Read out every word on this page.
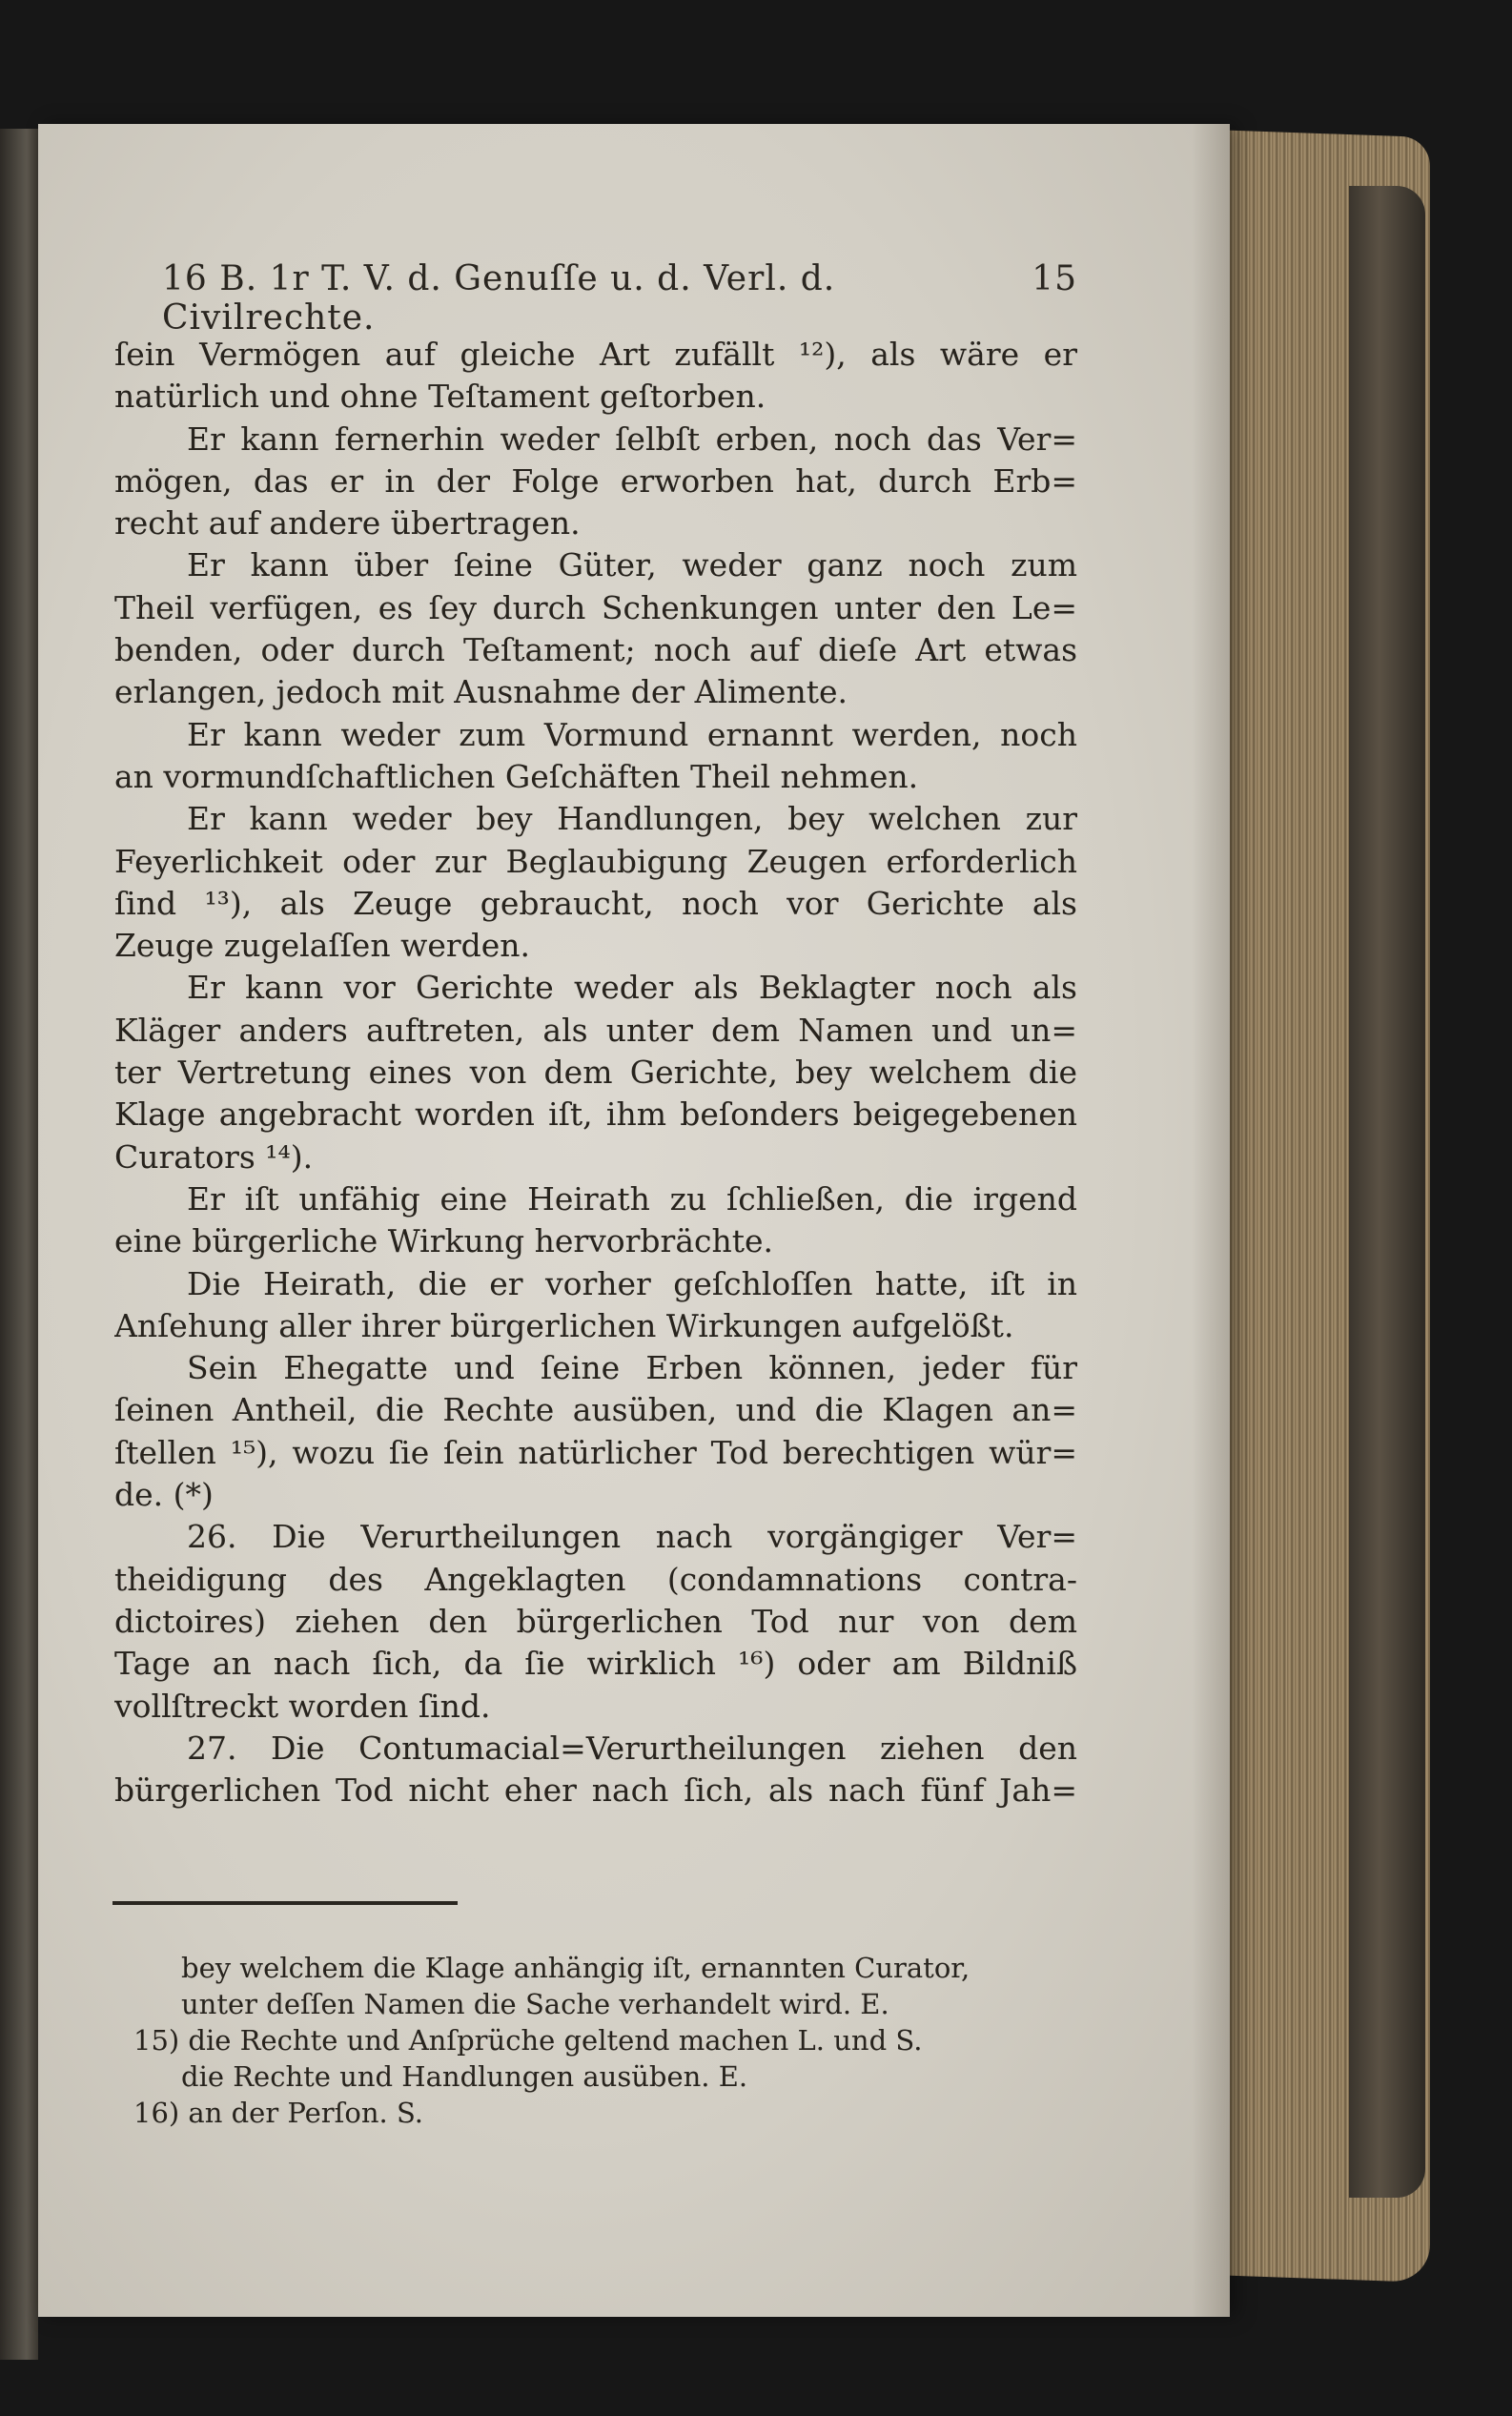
16 B. 1r T. V. d. Genuſſe u. d. Verl. d. Civilrechte.
15
ſein Vermögen auf gleiche Art zufällt ¹²), als wäre er
natürlich und ohne Teſtament geſtorben.
Er kann fernerhin weder ſelbſt erben, noch das Ver=
mögen, das er in der Folge erworben hat, durch Erb=
recht auf andere übertragen.
Er kann über ſeine Güter, weder ganz noch zum
Theil verfügen, es ſey durch Schenkungen unter den Le=
benden, oder durch Teſtament; noch auf dieſe Art etwas
erlangen, jedoch mit Ausnahme der Alimente.
Er kann weder zum Vormund ernannt werden, noch
an vormundſchaftlichen Geſchäften Theil nehmen.
Er kann weder bey Handlungen, bey welchen zur
Feyerlichkeit oder zur Beglaubigung Zeugen erforderlich
ſind ¹³), als Zeuge gebraucht, noch vor Gerichte als
Zeuge zugelaſſen werden.
Er kann vor Gerichte weder als Beklagter noch als
Kläger anders auftreten, als unter dem Namen und un=
ter Vertretung eines von dem Gerichte, bey welchem die
Klage angebracht worden iſt, ihm beſonders beigegebenen
Curators ¹⁴).
Er iſt unfähig eine Heirath zu ſchließen, die irgend
eine bürgerliche Wirkung hervorbrächte.
Die Heirath, die er vorher geſchloſſen hatte, iſt in
Anſehung aller ihrer bürgerlichen Wirkungen aufgelößt.
Sein Ehegatte und ſeine Erben können, jeder für
ſeinen Antheil, die Rechte ausüben, und die Klagen an=
ſtellen ¹⁵), wozu ſie ſein natürlicher Tod berechtigen wür=
de. (*)
26. Die Verurtheilungen nach vorgängiger Ver=
theidigung des Angeklagten (condamnations contra-
dictoires) ziehen den bürgerlichen Tod nur von dem
Tage an nach ſich, da ſie wirklich ¹⁶) oder am Bildniß
vollſtreckt worden ſind.
27. Die Contumacial=Verurtheilungen ziehen den
bürgerlichen Tod nicht eher nach ſich, als nach fünf Jah=
bey welchem die Klage anhängig iſt, ernannten Curator,
unter deſſen Namen die Sache verhandelt wird. E.
15) die Rechte und Anſprüche geltend machen L. und S.
die Rechte und Handlungen ausüben. E.
16) an der Perſon. S.
